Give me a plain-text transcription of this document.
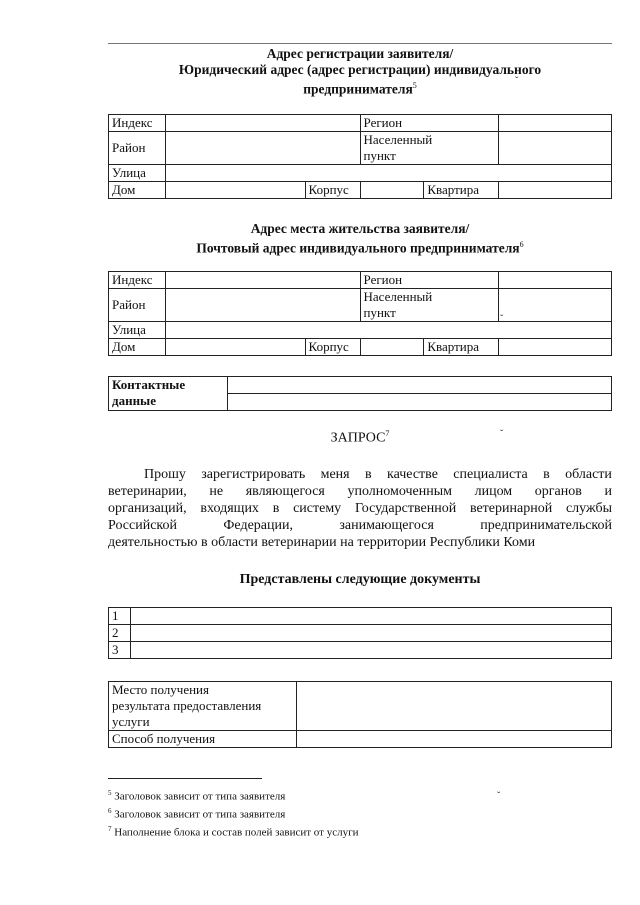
Адрес регистрации заявителя/
Юридический адрес (адрес регистрации) индивидуального
предпринимателя$^5$
Индекс			Регион		
Район			Населенный
пункт		

Улица					
Дом		Корпус		Квартира	
Адрес места жительства заявителя/
Почтовый адрес индивидуального предпринимателя$^6$
Индекс			Регион		
Район			Населенный
пункт		

Улица					
Дом		Корпус		Квартира	
Контактные
данные

ЗАПРОС$^7$
Прошу зарегистрировать меня в качестве специалиста в области
ветеринарии, не являющегося уполномоченным лицом органов и
организаций, входящих в систему Государственной ветеринарной службы
Российской	Федерации,	занимающегося	предпринимательской
деятельностью в области ветеринарии на территории Республики Коми
Представлены следующие документы
1	
2	
3	
Место получения
результата предоставления
услуги	

Способ получения	
$^5$ Заголовок зависит от типа заявителя
$^6$ Заголовок зависит от типа заявителя
$^7$ Наполнение блока и состав полей зависит от услуги
ˇ
ˇ
ˇ
ˇ
